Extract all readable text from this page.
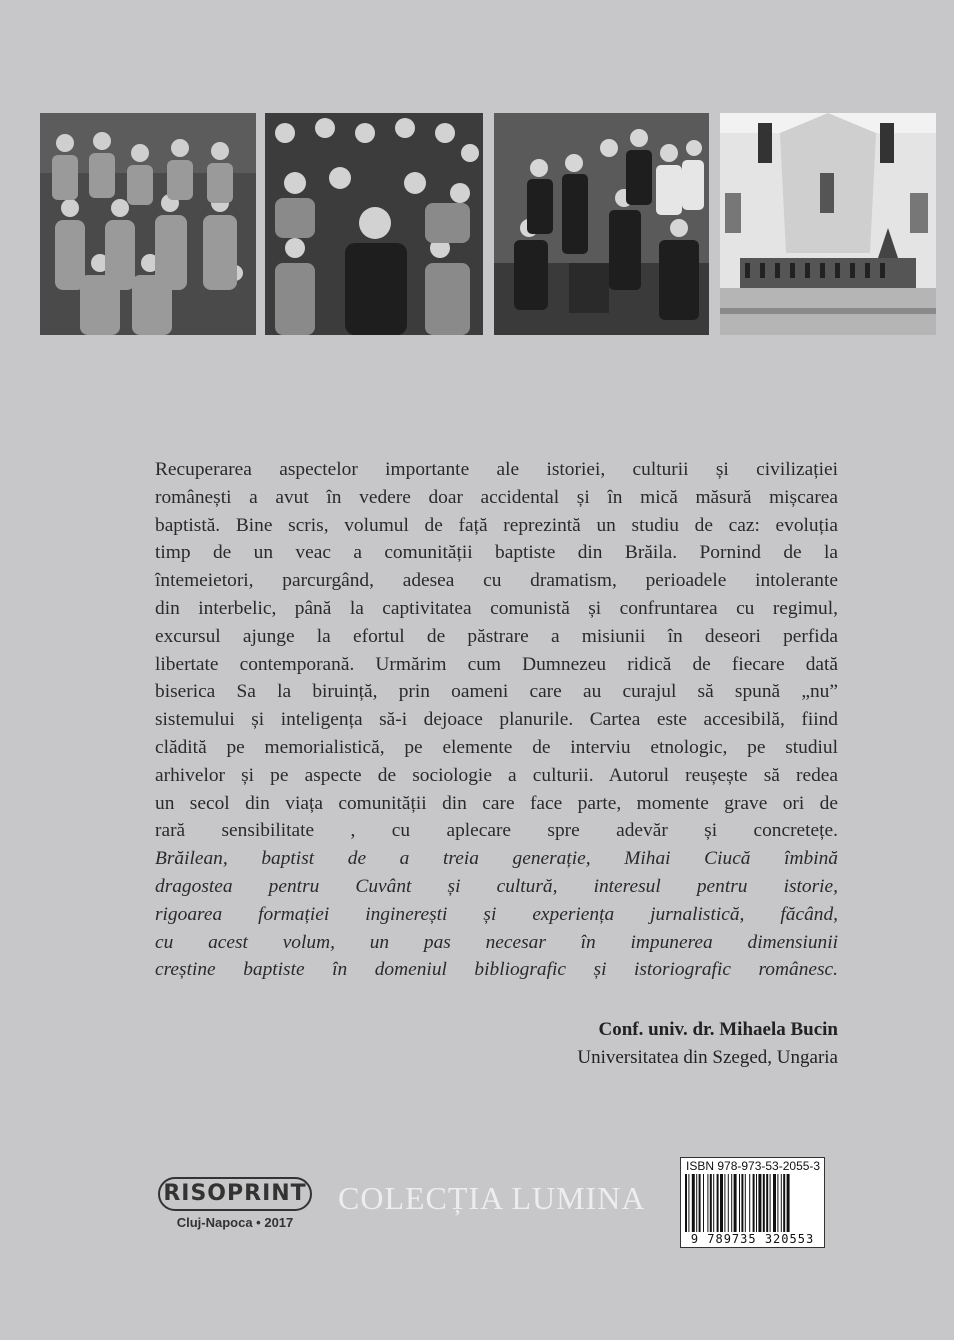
Recuperarea aspectelor importante ale istoriei, culturii și civilizației
românești a avut în vedere doar accidental și în mică măsură mișcarea
baptistă. Bine scris, volumul de față reprezintă un studiu de caz: evoluția
timp de un veac a comunității baptiste din Brăila. Pornind de la
întemeietori, parcurgând, adesea cu dramatism, perioadele intolerante
din interbelic, până la captivitatea comunistă și confruntarea cu regimul,
excursul ajunge la efortul de păstrare a misiunii în deseori perfida
libertate contemporană. Urmărim cum Dumnezeu ridică de fiecare dată
biserica Sa la biruință, prin oameni care au curajul să spună „nu”
sistemului și inteligența să-i dejoace planurile. Cartea este accesibilă, fiind
clădită pe memorialistică, pe elemente de interviu etnologic, pe studiul
arhivelor și pe aspecte de sociologie a culturii. Autorul reușește să redea
un secol din viața comunității din care face parte, momente grave ori de
rară sensibilitate , cu aplecare spre adevăr și concretețe.
Brăilean, baptist de a treia generație, Mihai Ciucă îmbină
dragostea pentru Cuvânt și cultură, interesul pentru istorie,
rigoarea formației inginerești și experiența jurnalistică, făcând,
cu acest volum, un pas necesar în impunerea dimensiunii
creștine baptiste în domeniul bibliografic și istoriografic românesc.
Conf. univ. dr. Mihaela Bucin
Universitatea din Szeged, Ungaria
RISOPRINT
Cluj-Napoca • 2017
COLECȚIA LUMINA
ISBN 978-973-53-2055-3
9 789735 320553
